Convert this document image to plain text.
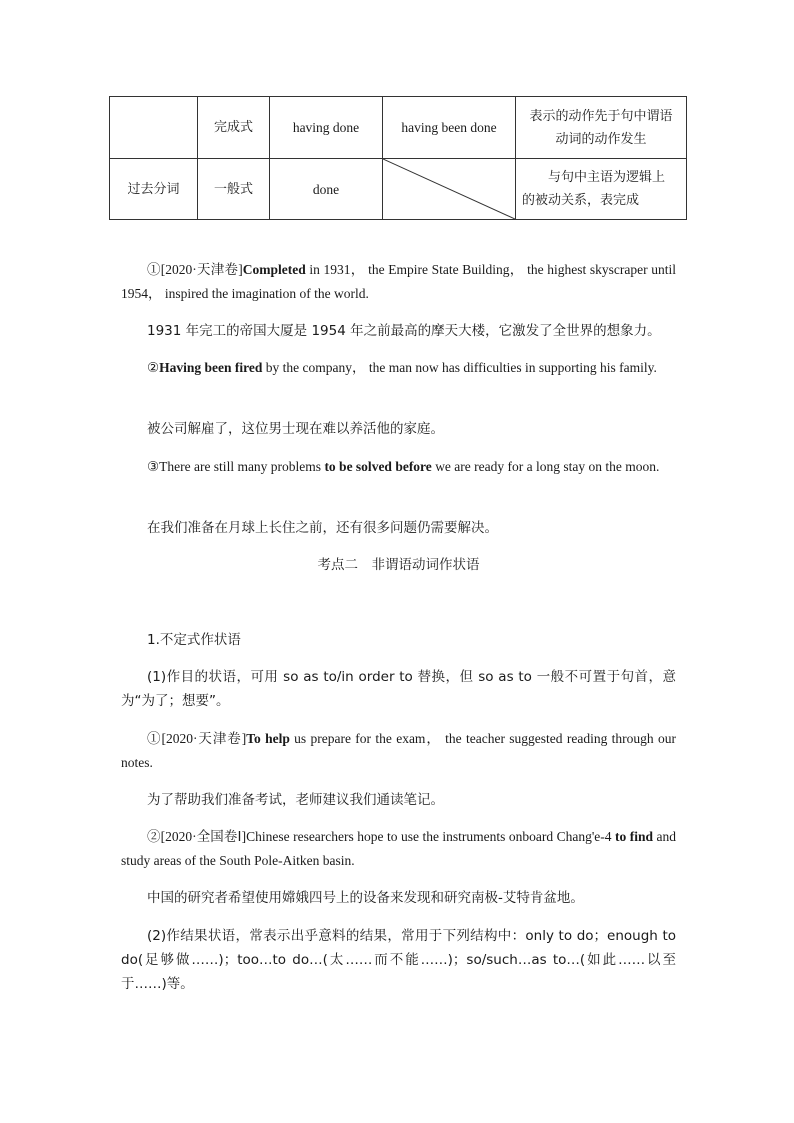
	完成式	having done	having been done	表示的动作先于句中谓语
动词的动作发生

过去分词	一般式	done		与句中主语为逻辑上
的被动关系，表完成
①[2020·天津卷]Completed in 1931， the Empire State Building， the highest skyscraper until 1954， inspired the imagination of the world.
1931 年完工的帝国大厦是 1954 年之前最高的摩天大楼，它激发了全世界的想象力。
②Having been fired by the company， the man now has difficulties in supporting his family.
被公司解雇了，这位男士现在难以养活他的家庭。
③There are still many problems to be solved before we are ready for a long stay on the moon.
在我们准备在月球上长住之前，还有很多问题仍需要解决。
考点二　非谓语动词作状语
1.不定式作状语
(1)作目的状语，可用 so as to/in order to 替换，但 so as to 一般不可置于句首，意为“为了；想要”。
①[2020·天津卷]To help us prepare for the exam， the teacher suggested reading through our notes.
为了帮助我们准备考试，老师建议我们通读笔记。
②[2020·全国卷Ⅰ]Chinese researchers hope to use the instruments onboard Chang'e-4 to find and study areas of the South Pole-Aitken basin.
中国的研究者希望使用嫦娥四号上的设备来发现和研究南极-艾特肯盆地。
(2)作结果状语，常表示出乎意料的结果，常用于下列结构中：only to do；enough to do(足够做……)；too…to do…(太……而不能……)；so/such…as to…(如此……以至于……)等。
